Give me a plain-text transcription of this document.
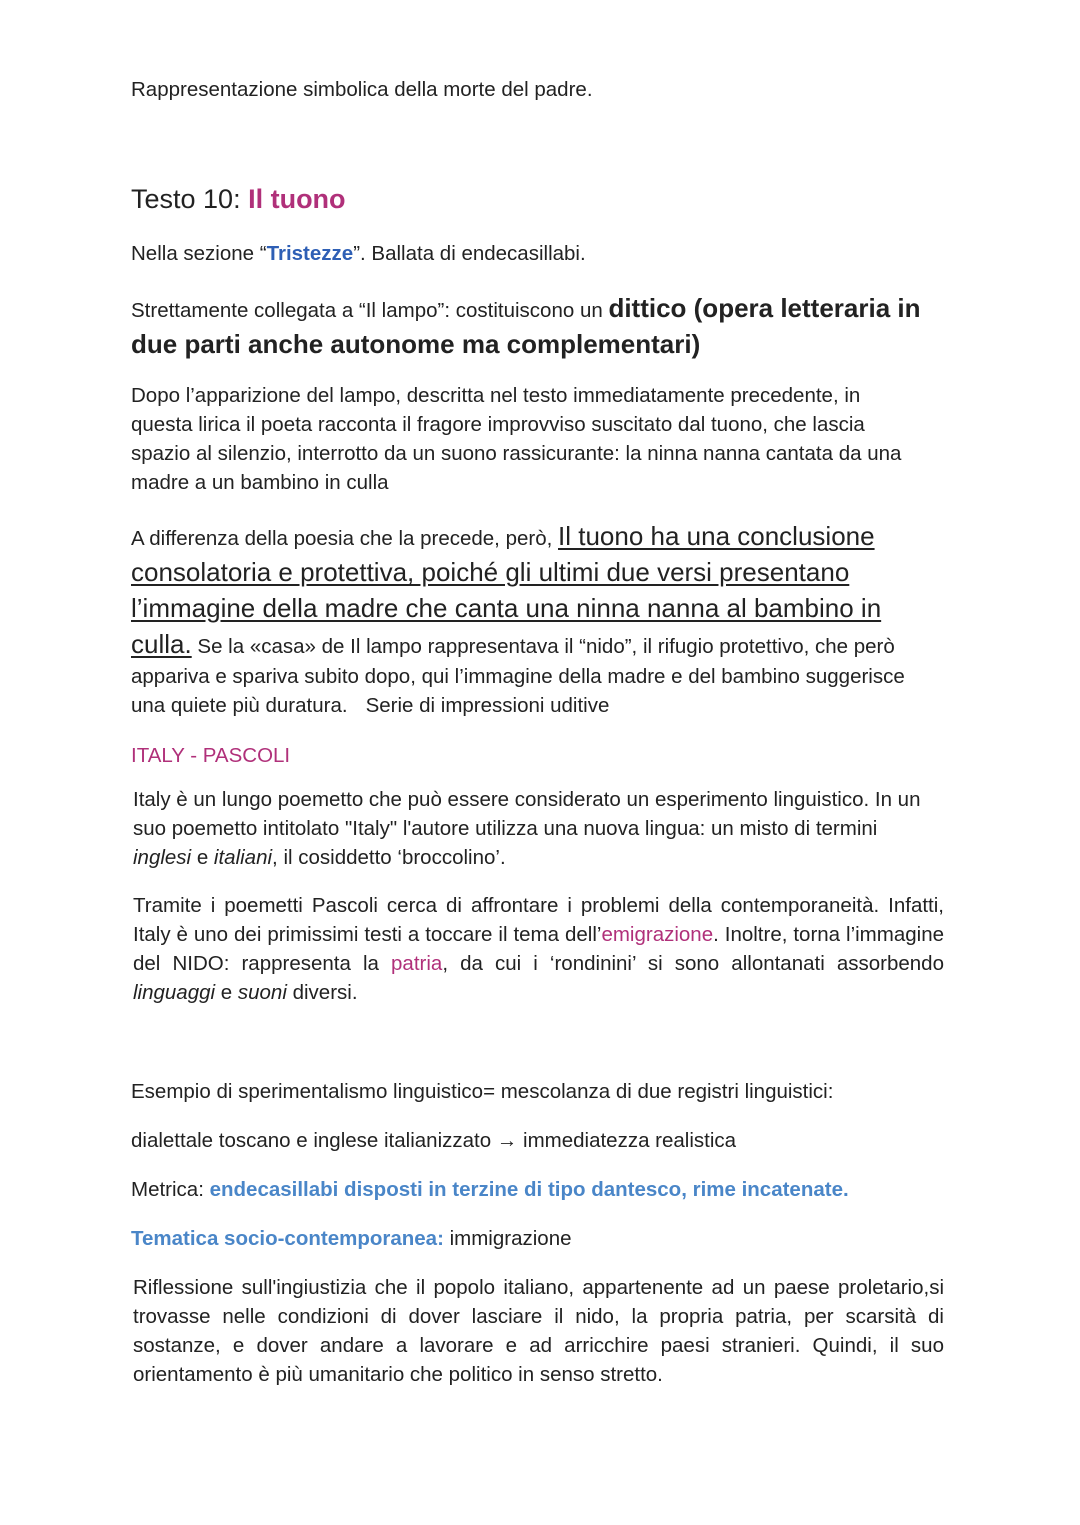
Rappresentazione simbolica della morte del padre.

Testo 10: Il tuono

Nella sezione “Tristezze”. Ballata di endecasillabi.

Strettamente collegata a “Il lampo”: costituiscono un dittico (opera letteraria in due parti anche autonome ma complementari)

Dopo l’apparizione del lampo, descritta nel testo immediatamente precedente, in questa lirica il poeta racconta il fragore improvviso suscitato dal tuono, che lascia spazio al silenzio, interrotto da un suono rassicurante: la ninna nanna cantata da una madre a un bambino in culla

A differenza della poesia che la precede, però, Il tuono ha una conclusione consolatoria e protettiva, poiché gli ultimi due versi presentano l’immagine della madre che canta una ninna nanna al bambino in culla. Se la «casa» de Il lampo rappresentava il “nido”, il rifugio protettivo, che però appariva e spariva subito dopo, qui l’immagine della madre e del bambino suggerisce una quiete più duratura. Serie di impressioni uditive

ITALY - PASCOLI

Italy è un lungo poemetto che può essere considerato un esperimento linguistico. In un suo poemetto intitolato "Italy" l'autore utilizza una nuova lingua: un misto di termini inglesi e italiani, il cosiddetto ‘broccolino’.

Tramite i poemetti Pascoli cerca di affrontare i problemi della contemporaneità. Infatti, Italy è uno dei primissimi testi a toccare il tema dell’emigrazione. Inoltre, torna l’immagine del NIDO: rappresenta la patria, da cui i ‘rondinini’ si sono allontanati assorbendo linguaggi e suoni diversi.

Esempio di sperimentalismo linguistico= mescolanza di due registri linguistici:

dialettale toscano e inglese italianizzato → immediatezza realistica

Metrica: endecasillabi disposti in terzine di tipo dantesco, rime incatenate.

Tematica socio-contemporanea: immigrazione

Riflessione sull'ingiustizia che il popolo italiano, appartenente ad un paese proletario,si trovasse nelle condizioni di dover lasciare il nido, la propria patria, per scarsità di sostanze, e dover andare a lavorare e ad arricchire paesi stranieri. Quindi, il suo orientamento è più umanitario che politico in senso stretto.
